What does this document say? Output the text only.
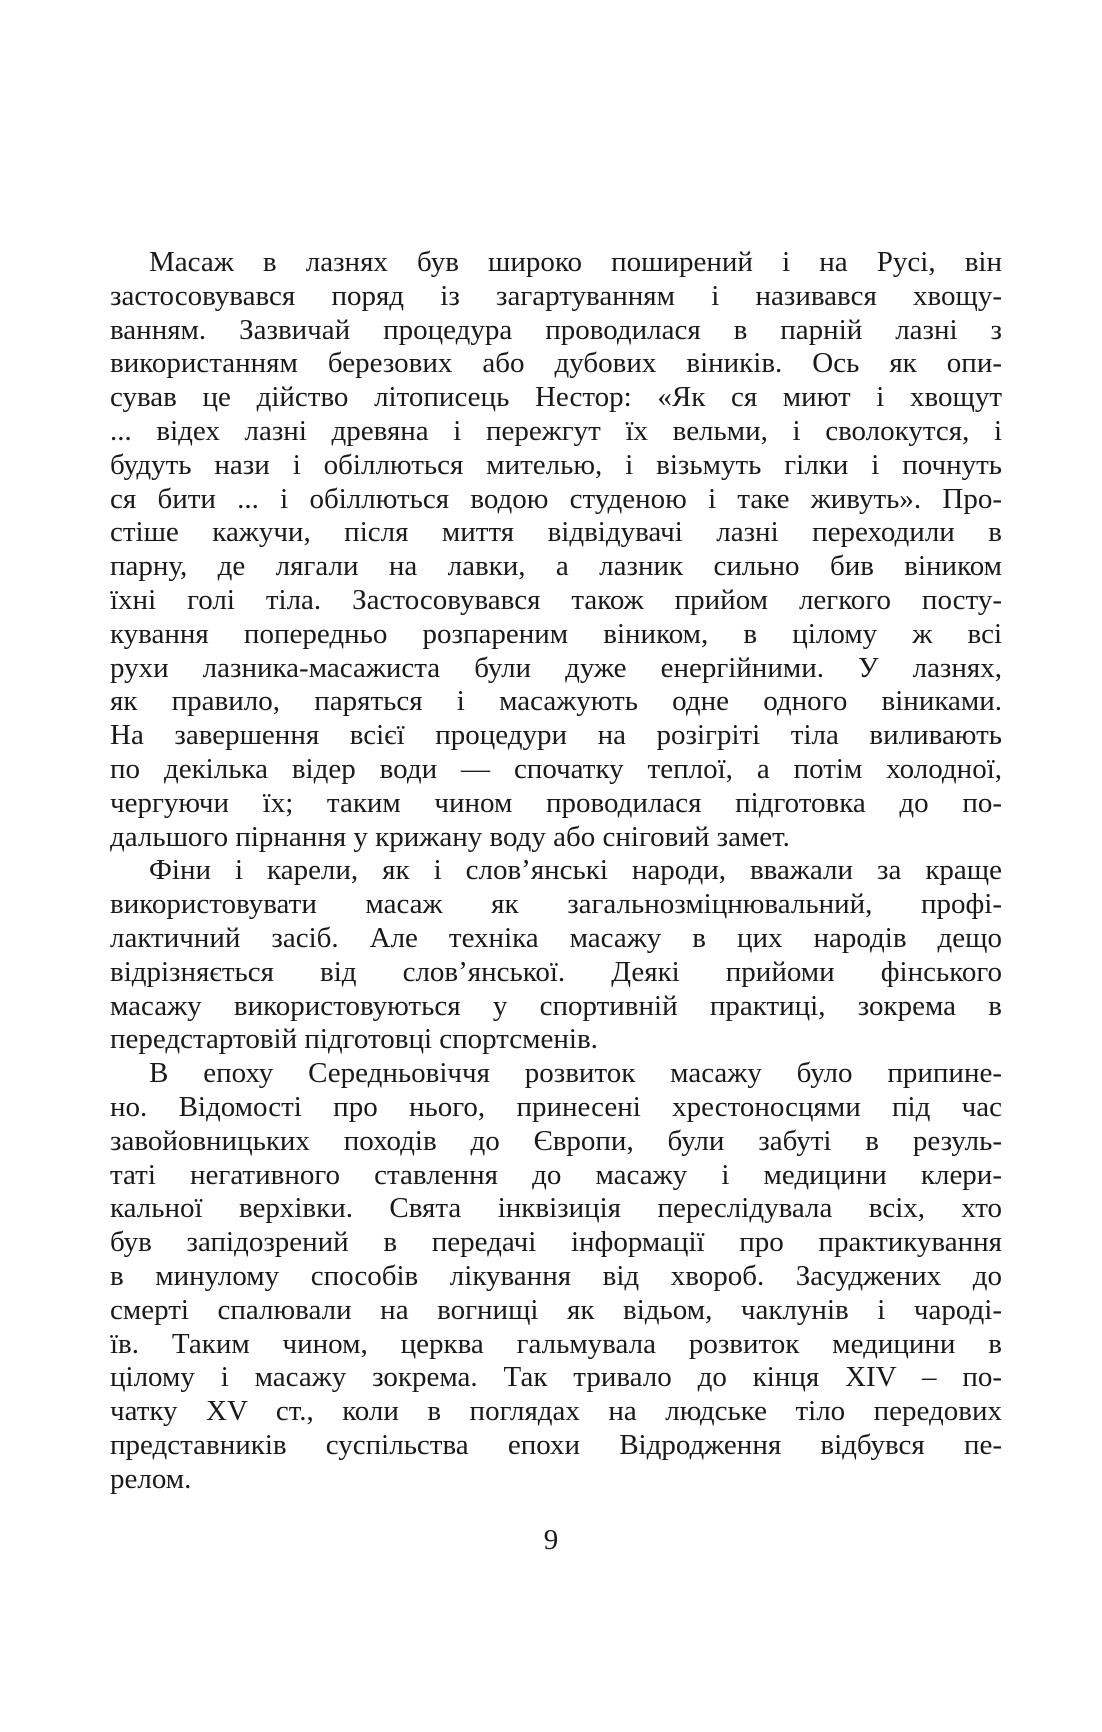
Масаж в лазнях був широко поширений і на Русі, він
застосовувався поряд із загартуванням і називався хвощу-
ванням. Зазвичай процедура проводилася в парній лазні з
використанням березових або дубових віників. Ось як опи-
сував це дійство літописець Нестор: «Як ся миют і хвощут
... відех лазні древяна і пережгут їх вельми, і сволокутся, і
будуть нази і обіллються мителью, і візьмуть гілки і почнуть
ся бити ... і обіллються водою студеною і таке живуть». Про-
стіше кажучи, після миття відвідувачі лазні переходили в
парну, де лягали на лавки, а лазник сильно бив віником
їхні голі тіла. Застосовувався також прийом легкого посту-
кування попередньо розпареним віником, в цілому ж всі
рухи лазника-масажиста були дуже енергійними. У лазнях,
як правило, паряться і масажують одне одного віниками.
На завершення всієї процедури на розігріті тіла виливають
по декілька відер води — спочатку теплої, а потім холодної,
чергуючи їх; таким чином проводилася підготовка до по-
дальшого пірнання у крижану воду або сніговий замет.
Фіни і карели, як і слов’янські народи, вважали за краще
використовувати масаж як загальнозміцнювальний, профі-
лактичний засіб. Але техніка масажу в цих народів дещо
відрізняється від слов’янської. Деякі прийоми фінського
масажу використовуються у спортивній практиці, зокрема в
передстартовій підготовці спортсменів.
В епоху Середньовіччя розвиток масажу було припине-
но. Відомості про нього, принесені хрестоносцями під час
завойовницьких походів до Європи, були забуті в резуль-
таті негативного ставлення до масажу і медицини клери-
кальної верхівки. Свята інквізиція переслідувала всіх, хто
був запідозрений в передачі інформації про практикування
в минулому способів лікування від хвороб. Засуджених до
смерті спалювали на вогнищі як відьом, чаклунів і чароді-
їв. Таким чином, церква гальмувала розвиток медицини в
цілому і масажу зокрема. Так тривало до кінця XIV – по-
чатку XV ст., коли в поглядах на людське тіло передових
представників суспільства епохи Відродження відбувся пе-
релом.
9
